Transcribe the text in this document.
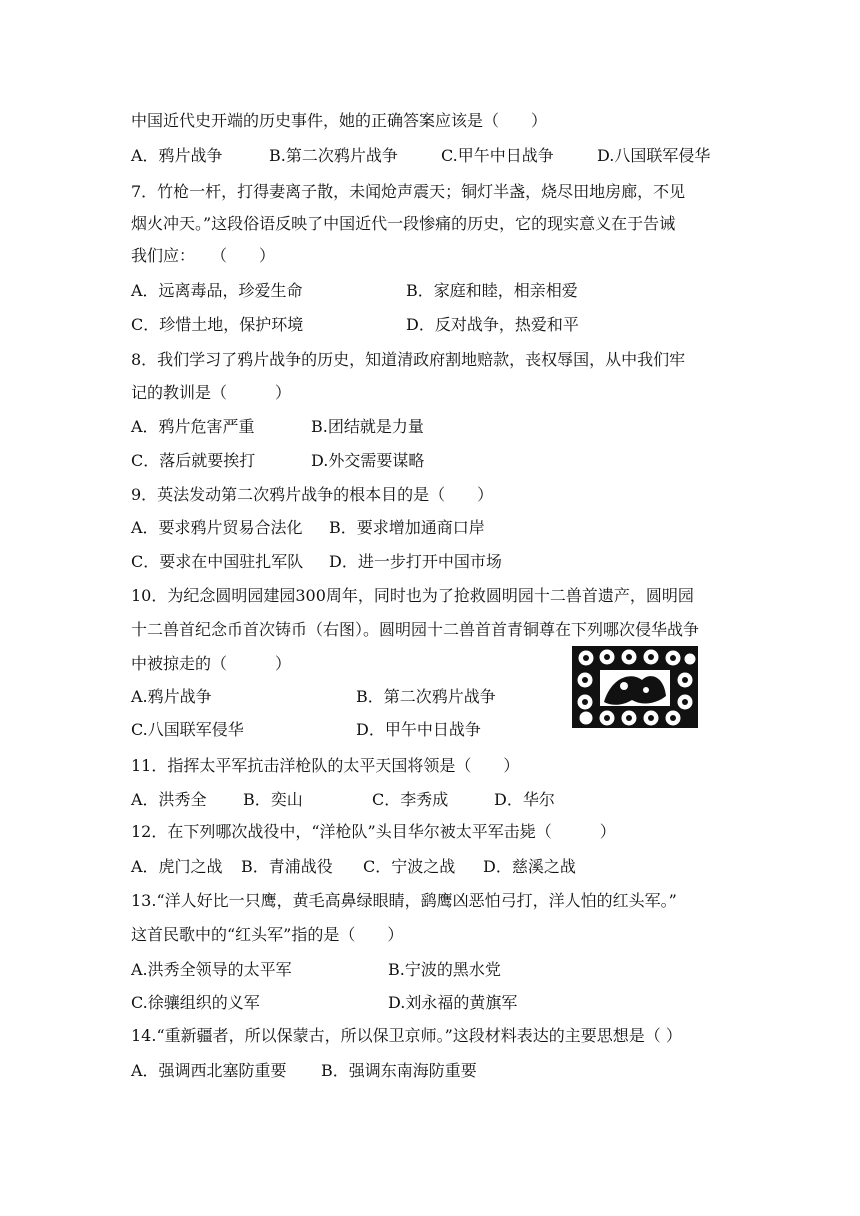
中国近代史开端的历史事件，她的正确答案应该是（　　）
A．鸦片战争	B.第二次鸦片战争	C.甲午中日战争	D.八国联军侵华
7．竹枪一杆，打得妻离子散，未闻炝声震天；铜灯半盏，烧尽田地房廊，不见
烟火冲天。”这段俗语反映了中国近代一段惨痛的历史，它的现实意义在于告诫
我们应：　　（　　）
A．远离毒品，珍爱生命	B．家庭和睦，相亲相爱
C．珍惜土地，保护环境	D．反对战争，热爱和平
8．我们学习了鸦片战争的历史，知道清政府割地赔款，丧权辱国，从中我们牢
记的教训是（　　　）
A．鸦片危害严重	B.团结就是力量
C．落后就要挨打	D.外交需要谋略
9．英法发动第二次鸦片战争的根本目的是（　　）
A．要求鸦片贸易合法化 B．要求增加通商口岸
C．要求在中国驻扎军队 D．进一步打开中国市场
10．为纪念圆明园建园300周年，同时也为了抢救圆明园十二兽首遗产，圆明园
十二兽首纪念币首次铸币（右图）。圆明园十二兽首首青铜尊在下列哪次侵华战争
中被掠走的（　　　）
A.鸦片战争	B．第二次鸦片战争
C.八国联军侵华	D．甲午中日战争
11．指挥太平军抗击洋枪队的太平天国将领是（　　）
A．洪秀全 B．奕山	C．李秀成	D．华尔
12．在下列哪次战役中，“洋枪队”头目华尔被太平军击毙（　　　）
A．虎门之战 B．青浦战役 C．宁波之战 D．慈溪之战
13.“洋人好比一只鹰，黄毛高鼻绿眼睛，鹞鹰凶恶怕弓打，洋人怕的红头军。”
这首民歌中的“红头军”指的是（　　）
A.洪秀全领导的太平军	B.宁波的黑水党
C.徐骧组织的义军	D.刘永福的黄旗军
14.“重新疆者，所以保蒙古，所以保卫京师。”这段材料表达的主要思想是（ ）
A．强调西北塞防重要 B．强调东南海防重要
